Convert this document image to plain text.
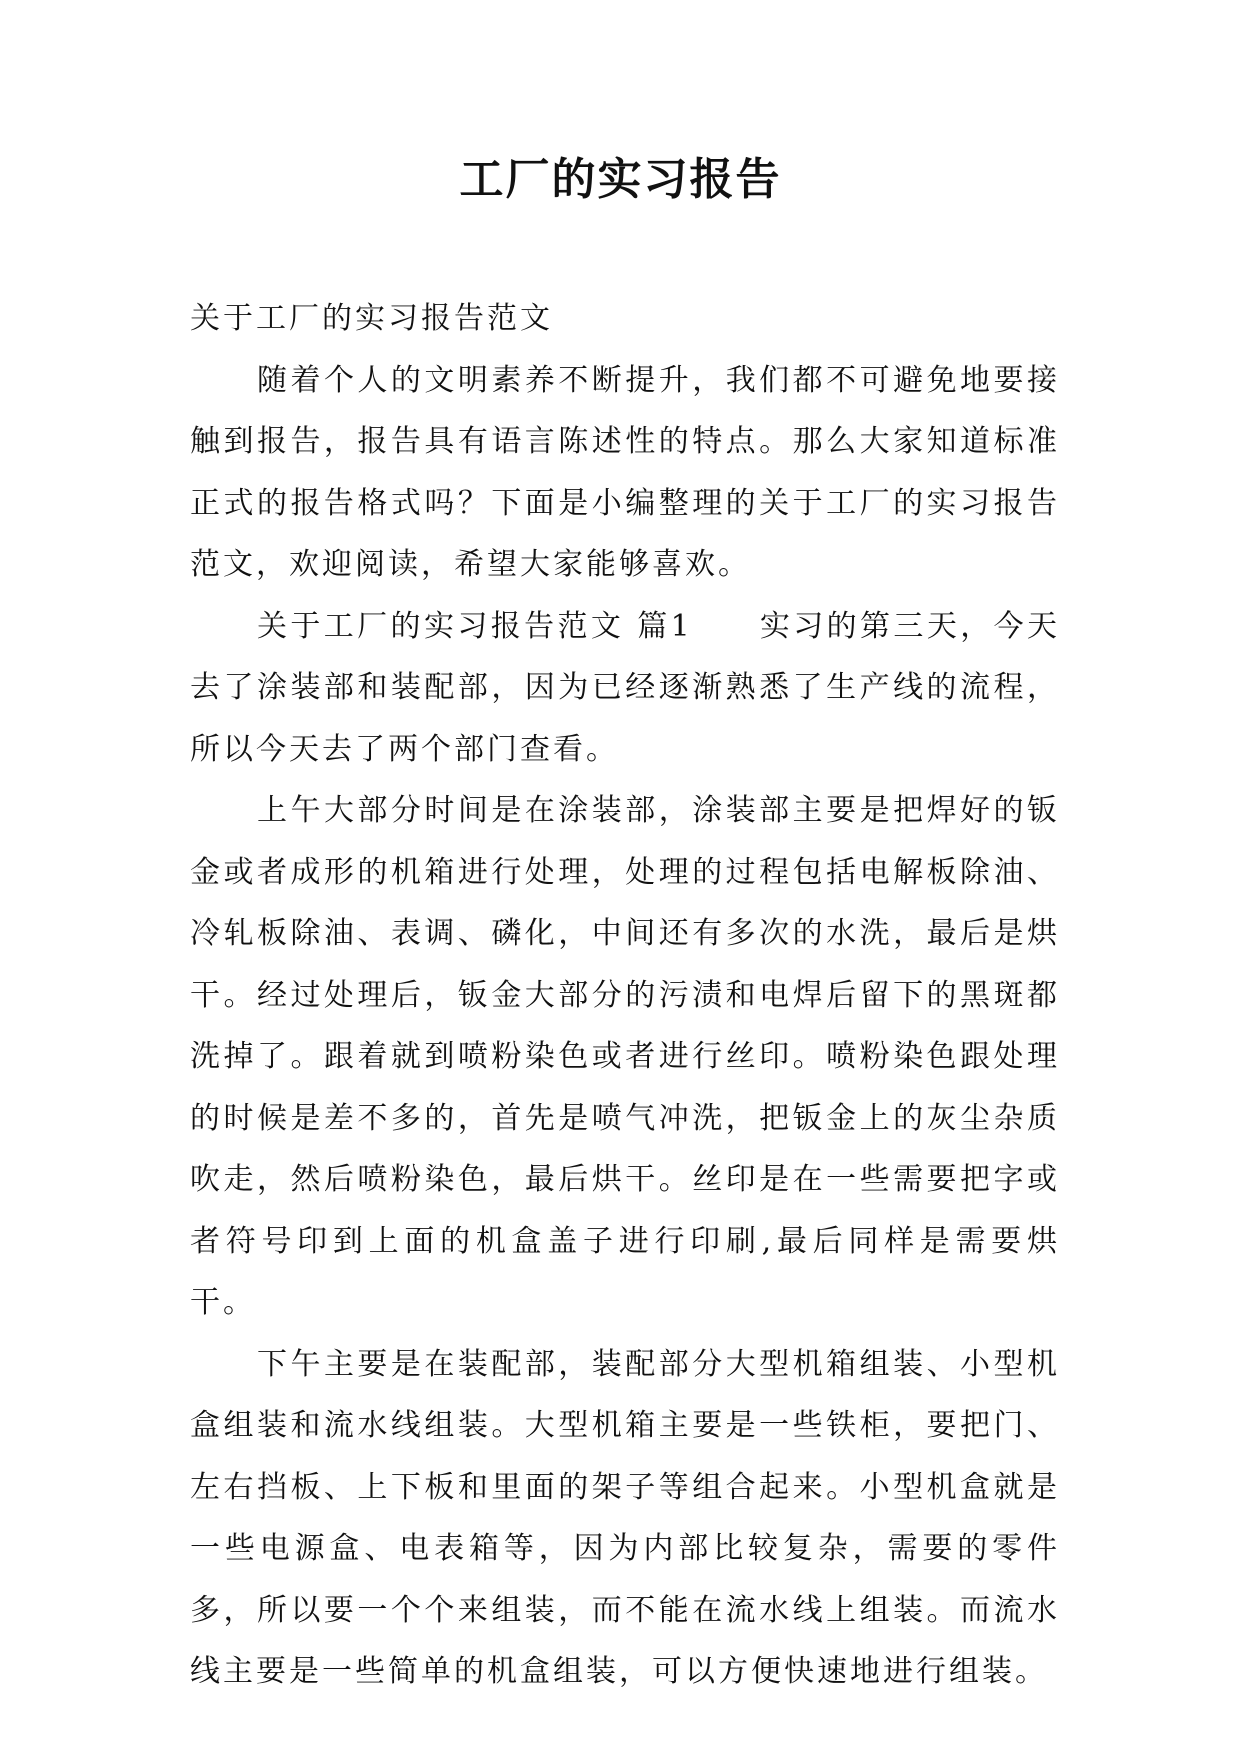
工厂的实习报告

关于工厂的实习报告范文

随着个人的文明素养不断提升，我们都不可避免地要接触到报告，报告具有语言陈述性的特点。那么大家知道标准正式的报告格式吗？下面是小编整理的关于工厂的实习报告范文，欢迎阅读，希望大家能够喜欢。

关于工厂的实习报告范文 篇1　　实习的第三天，今天去了涂装部和装配部，因为已经逐渐熟悉了生产线的流程，所以今天去了两个部门查看。

上午大部分时间是在涂装部，涂装部主要是把焊好的钣金或者成形的机箱进行处理，处理的过程包括电解板除油、冷轧板除油、表调、磷化，中间还有多次的水洗，最后是烘干。经过处理后，钣金大部分的污渍和电焊后留下的黑斑都洗掉了。跟着就到喷粉染色或者进行丝印。喷粉染色跟处理的时候是差不多的，首先是喷气冲洗，把钣金上的灰尘杂质吹走，然后喷粉染色，最后烘干。丝印是在一些需要把字或者符号印到上面的机盒盖子进行印刷,最后同样是需要烘干。

下午主要是在装配部，装配部分大型机箱组装、小型机盒组装和流水线组装。大型机箱主要是一些铁柜，要把门、左右挡板、上下板和里面的架子等组合起来。小型机盒就是一些电源盒、电表箱等，因为内部比较复杂，需要的零件多，所以要一个个来组装，而不能在流水线上组装。而流水线主要是一些简单的机盒组装，可以方便快速地进行组装。
